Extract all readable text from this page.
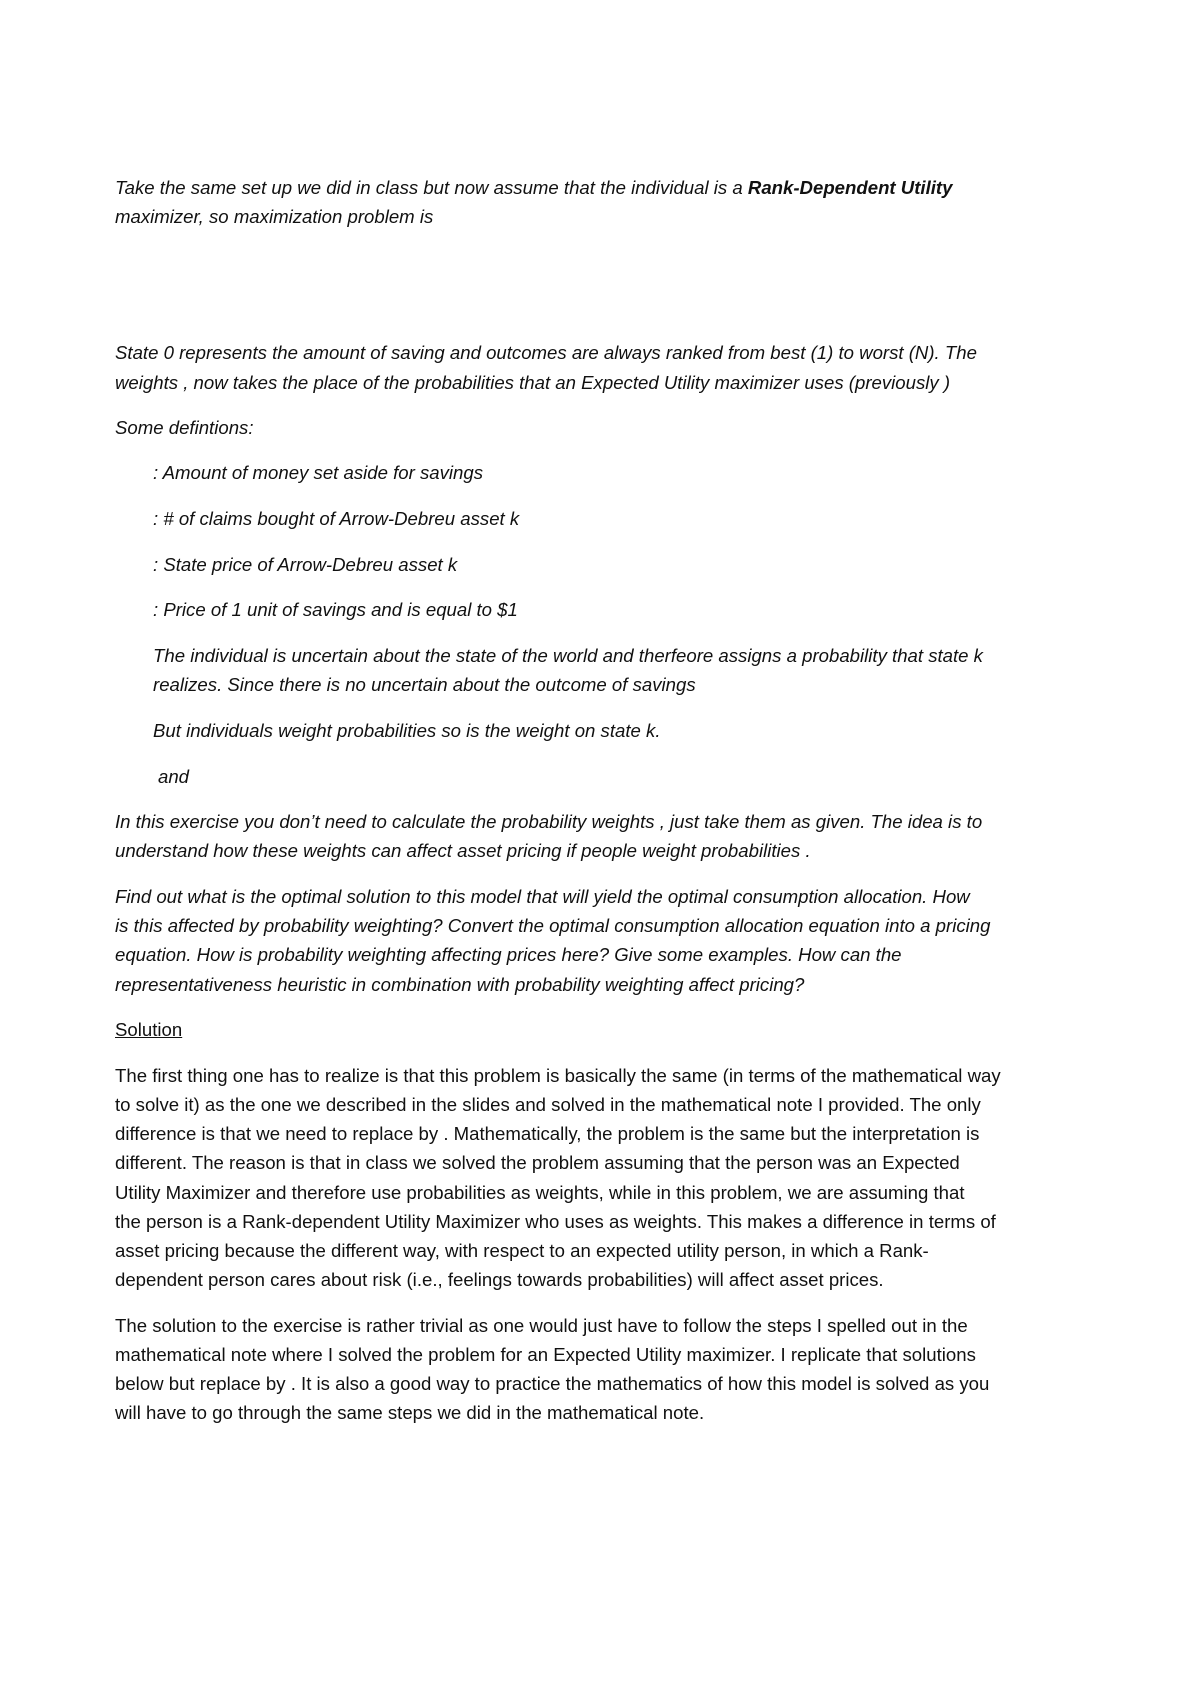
Take the same set up we did in class but now assume that the individual is a Rank-Dependent Utility
maximizer, so maximization problem is
State 0 represents the amount of saving and outcomes are always ranked from best (1) to worst (N). The
weights , now takes the place of the probabilities that an Expected Utility maximizer uses (previously )
Some defintions:
: Amount of money set aside for savings
: # of claims bought of Arrow-Debreu asset k
: State price of Arrow-Debreu asset k
: Price of 1 unit of savings and is equal to $1
The individual is uncertain about the state of the world and therfeore assigns a probability that state k
realizes. Since there is no uncertain about the outcome of savings
But individuals weight probabilities so is the weight on state k.
and
In this exercise you don’t need to calculate the probability weights , just take them as given. The idea is to
understand how these weights can affect asset pricing if people weight probabilities .
Find out what is the optimal solution to this model that will yield the optimal consumption allocation. How
is this affected by probability weighting? Convert the optimal consumption allocation equation into a pricing
equation. How is probability weighting affecting prices here? Give some examples. How can the
representativeness heuristic in combination with probability weighting affect pricing?
Solution
The first thing one has to realize is that this problem is basically the same (in terms of the mathematical way
to solve it) as the one we described in the slides and solved in the mathematical note I provided. The only
difference is that we need to replace by . Mathematically, the problem is the same but the interpretation is
different. The reason is that in class we solved the problem assuming that the person was an Expected
Utility Maximizer and therefore use probabilities as weights, while in this problem, we are assuming that
the person is a Rank-dependent Utility Maximizer who uses as weights. This makes a difference in terms of
asset pricing because the different way, with respect to an expected utility person, in which a Rank-
dependent person cares about risk (i.e., feelings towards probabilities) will affect asset prices.
The solution to the exercise is rather trivial as one would just have to follow the steps I spelled out in the
mathematical note where I solved the problem for an Expected Utility maximizer. I replicate that solutions
below but replace by . It is also a good way to practice the mathematics of how this model is solved as you
will have to go through the same steps we did in the mathematical note.
